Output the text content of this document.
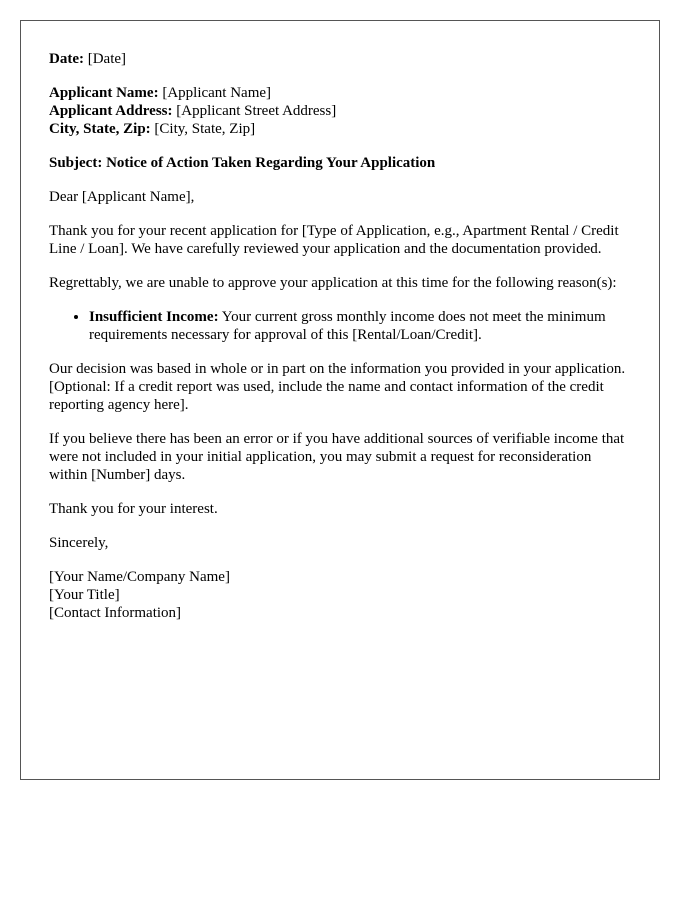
Date: [Date]

Applicant Name: [Applicant Name]
Applicant Address: [Applicant Street Address]
City, State, Zip: [City, State, Zip]

Subject: Notice of Action Taken Regarding Your Application

Dear [Applicant Name],

Thank you for your recent application for [Type of Application, e.g., Apartment Rental / Credit Line / Loan]. We have carefully reviewed your application and the documentation provided.

Regrettably, we are unable to approve your application at this time for the following reason(s):

• Insufficient Income: Your current gross monthly income does not meet the minimum requirements necessary for approval of this [Rental/Loan/Credit].

Our decision was based in whole or in part on the information you provided in your application. [Optional: If a credit report was used, include the name and contact information of the credit reporting agency here].

If you believe there has been an error or if you have additional sources of verifiable income that were not included in your initial application, you may submit a request for reconsideration within [Number] days.

Thank you for your interest.

Sincerely,

[Your Name/Company Name]
[Your Title]
[Contact Information]
